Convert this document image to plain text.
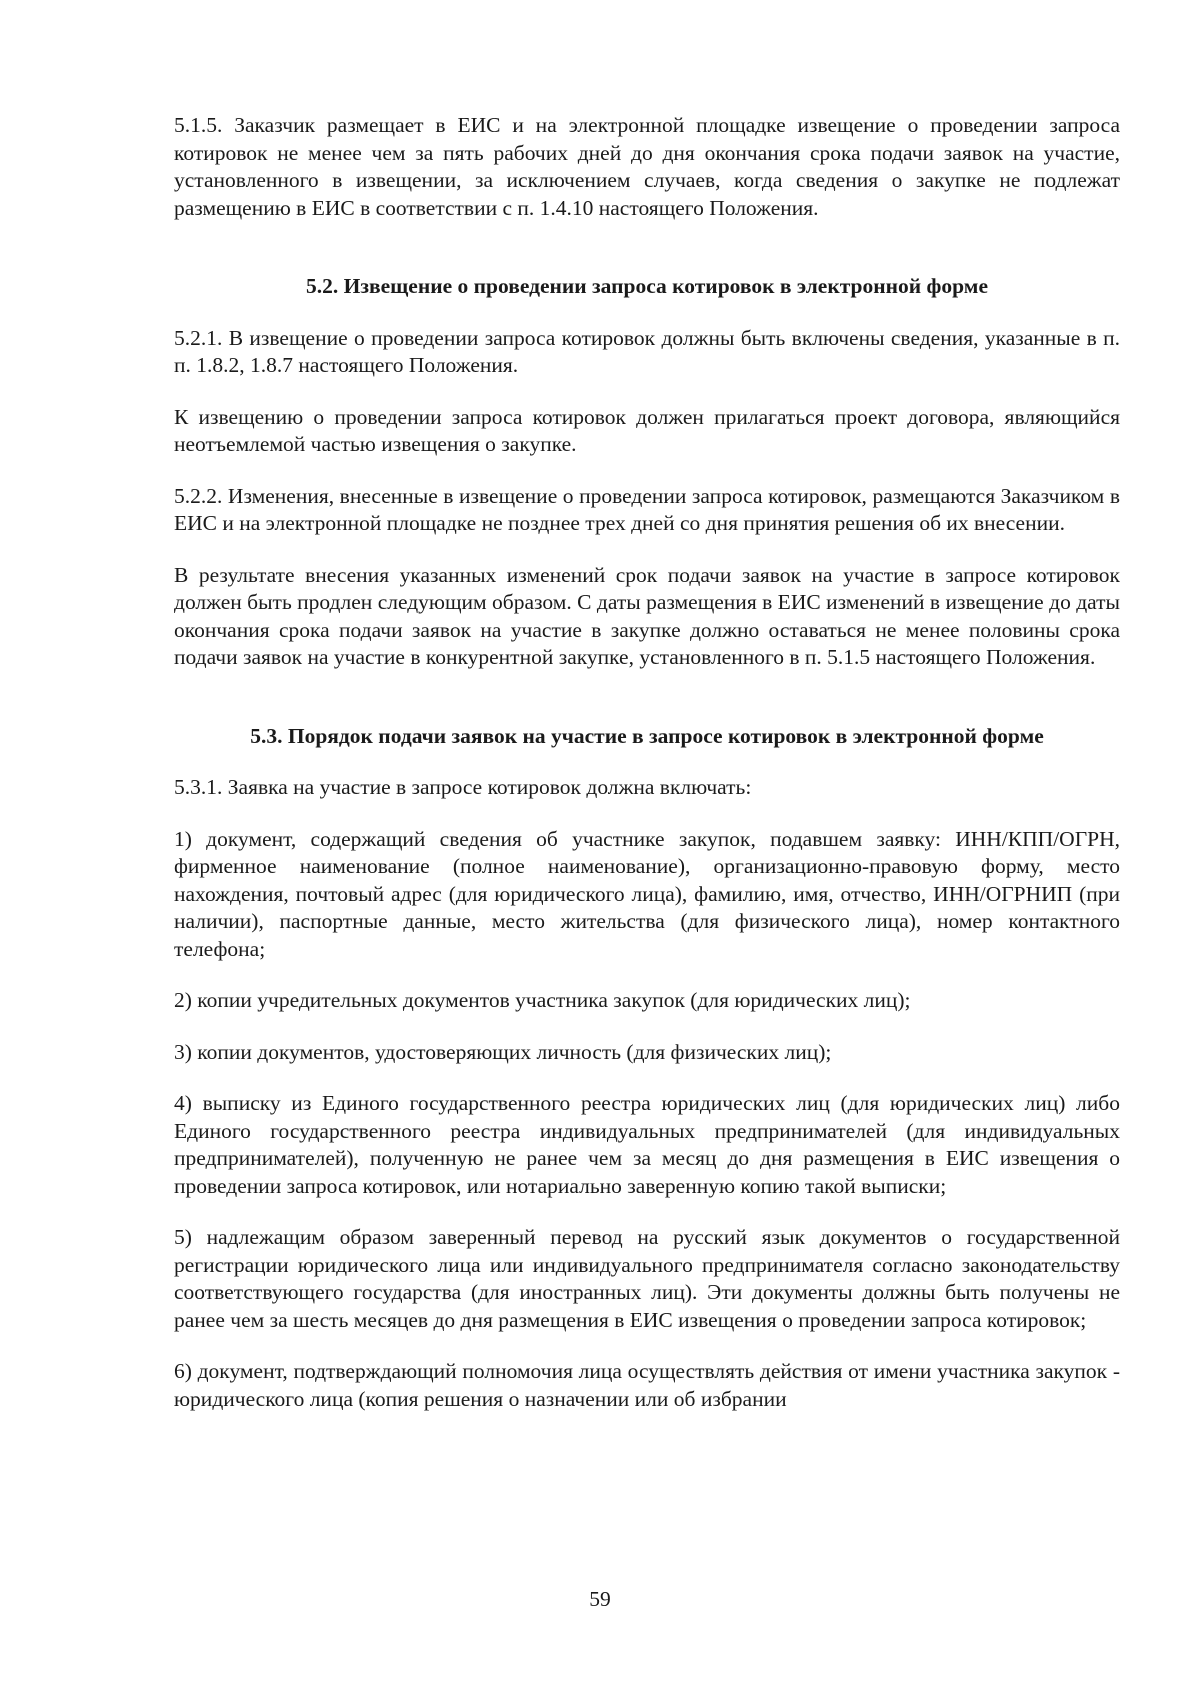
5.1.5. Заказчик размещает в ЕИС и на электронной площадке извещение о проведении запроса котировок не менее чем за пять рабочих дней до дня окончания срока подачи заявок на участие, установленного в извещении, за исключением случаев, когда сведения о закупке не подлежат размещению в ЕИС в соответствии с п. 1.4.10 настоящего Положения.

5.2. Извещение о проведении запроса котировок в электронной форме

5.2.1. В извещение о проведении запроса котировок должны быть включены сведения, указанные в п. п. 1.8.2, 1.8.7 настоящего Положения.

К извещению о проведении запроса котировок должен прилагаться проект договора, являющийся неотъемлемой частью извещения о закупке.

5.2.2. Изменения, внесенные в извещение о проведении запроса котировок, размещаются Заказчиком в ЕИС и на электронной площадке не позднее трех дней со дня принятия решения об их внесении.

В результате внесения указанных изменений срок подачи заявок на участие в запросе котировок должен быть продлен следующим образом. С даты размещения в ЕИС изменений в извещение до даты окончания срока подачи заявок на участие в закупке должно оставаться не менее половины срока подачи заявок на участие в конкурентной закупке, установленного в п. 5.1.5 настоящего Положения.

5.3. Порядок подачи заявок на участие в запросе котировок в электронной форме

5.3.1. Заявка на участие в запросе котировок должна включать:

1) документ, содержащий сведения об участнике закупок, подавшем заявку: ИНН/КПП/ОГРН, фирменное наименование (полное наименование), организационно-правовую форму, место нахождения, почтовый адрес (для юридического лица), фамилию, имя, отчество, ИНН/ОГРНИП (при наличии), паспортные данные, место жительства (для физического лица), номер контактного телефона;

2) копии учредительных документов участника закупок (для юридических лиц);

3) копии документов, удостоверяющих личность (для физических лиц);

4) выписку из Единого государственного реестра юридических лиц (для юридических лиц) либо Единого государственного реестра индивидуальных предпринимателей (для индивидуальных предпринимателей), полученную не ранее чем за месяц до дня размещения в ЕИС извещения о проведении запроса котировок, или нотариально заверенную копию такой выписки;

5) надлежащим образом заверенный перевод на русский язык документов о государственной регистрации юридического лица или индивидуального предпринимателя согласно законодательству соответствующего государства (для иностранных лиц). Эти документы должны быть получены не ранее чем за шесть месяцев до дня размещения в ЕИС извещения о проведении запроса котировок;

6) документ, подтверждающий полномочия лица осуществлять действия от имени участника закупок - юридического лица (копия решения о назначении или об избрании

59
